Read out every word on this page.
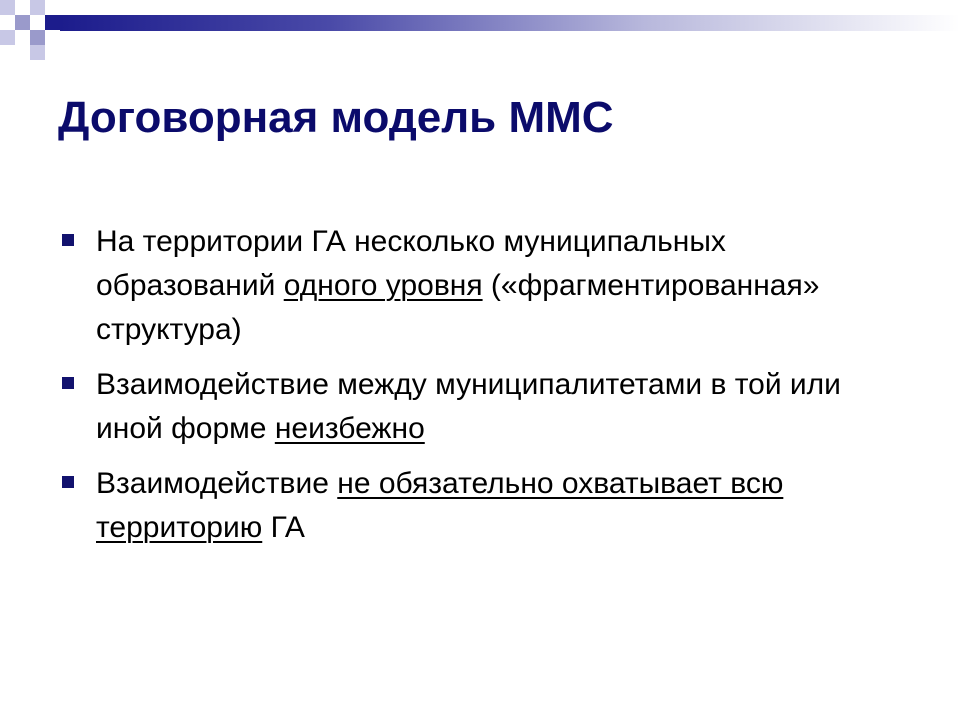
Договорная модель ММС
На территории ГА несколько муниципальных образований одного уровня («фрагментированная» структура)
Взаимодействие между муниципалитетами в той или иной форме неизбежно
Взаимодействие не обязательно охватывает всю территорию ГА
